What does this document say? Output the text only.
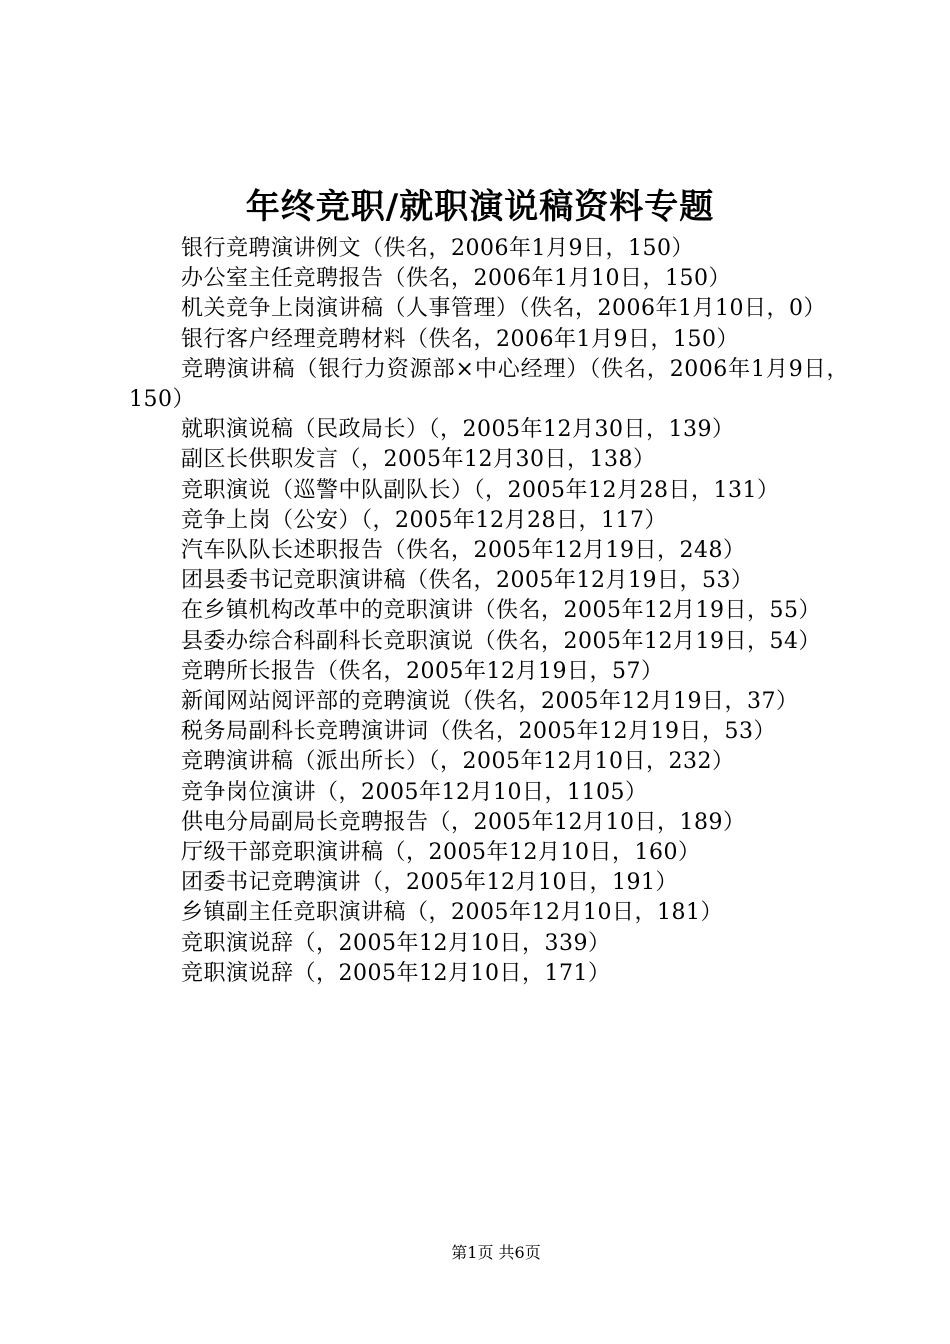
年终竞职/就职演说稿资料专题
银行竞聘演讲例文（佚名，2006年1月9日，150）
办公室主任竞聘报告（佚名，2006年1月10日，150）
机关竞争上岗演讲稿（人事管理）（佚名，2006年1月10日，0）
银行客户经理竞聘材料（佚名，2006年1月9日，150）
竞聘演讲稿（银行力资源部×中心经理）（佚名，2006年1月9日，150）
就职演说稿（民政局长）（，2005年12月30日，139）
副区长供职发言（，2005年12月30日，138）
竞职演说（巡警中队副队长）（，2005年12月28日，131）
竞争上岗（公安）（，2005年12月28日，117）
汽车队队长述职报告（佚名，2005年12月19日，248）
团县委书记竞职演讲稿（佚名，2005年12月19日，53）
在乡镇机构改革中的竞职演讲（佚名，2005年12月19日，55）
县委办综合科副科长竞职演说（佚名，2005年12月19日，54）
竞聘所长报告（佚名，2005年12月19日，57）
新闻网站阅评部的竞聘演说（佚名，2005年12月19日，37）
税务局副科长竞聘演讲词（佚名，2005年12月19日，53）
竞聘演讲稿（派出所长）（，2005年12月10日，232）
竞争岗位演讲（，2005年12月10日，1105）
供电分局副局长竞聘报告（，2005年12月10日，189）
厅级干部竞职演讲稿（，2005年12月10日，160）
团委书记竞聘演讲（，2005年12月10日，191）
乡镇副主任竞职演讲稿（，2005年12月10日，181）
竞职演说辞（，2005年12月10日，339）
竞职演说辞（，2005年12月10日，171）
第1页 共6页
